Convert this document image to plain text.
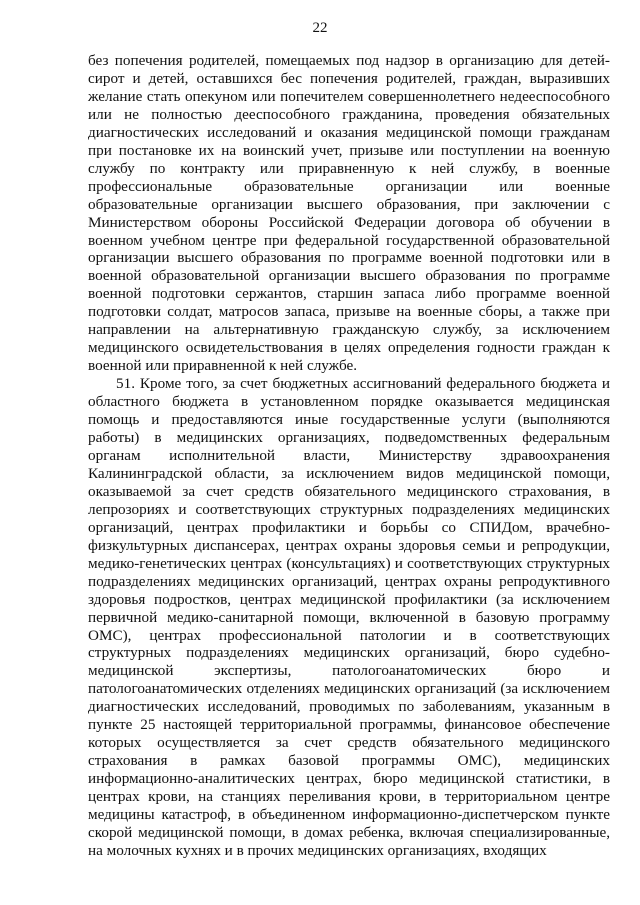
22

без попечения родителей, помещаемых под надзор в организацию для детей-сирот и детей, оставшихся бес попечения родителей, граждан, выразивших желание стать опекуном или попечителем совершеннолетнего недееспособного или не полностью дееспособного гражданина, проведения обязательных диагностических исследований и оказания медицинской помощи гражданам при постановке их на воинский учет, призыве или поступлении на военную службу по контракту или приравненную к ней службу, в военные профессиональные образовательные организации или военные образовательные организации высшего образования, при заключении с Министерством обороны Российской Федерации договора об обучении в военном учебном центре при федеральной государственной образовательной организации высшего образования по программе военной подготовки или в военной образовательной организации высшего образования по программе военной подготовки сержантов, старшин запаса либо программе военной подготовки солдат, матросов запаса, призыве на военные сборы, а также при направлении на альтернативную гражданскую службу, за исключением медицинского освидетельствования в целях определения годности граждан к военной или приравненной к ней службе.

51. Кроме того, за счет бюджетных ассигнований федерального бюджета и областного бюджета в установленном порядке оказывается медицинская помощь и предоставляются иные государственные услуги (выполняются работы) в медицинских организациях, подведомственных федеральным органам исполнительной власти, Министерству здравоохранения Калининградской области, за исключением видов медицинской помощи, оказываемой за счет средств обязательного медицинского страхования, в лепрозориях и соответствующих структурных подразделениях медицинских организаций, центрах профилактики и борьбы со СПИДом, врачебно-физкультурных диспансерах, центрах охраны здоровья семьи и репродукции, медико-генетических центрах (консультациях) и соответствующих структурных подразделениях медицинских организаций, центрах охраны репродуктивного здоровья подростков, центрах медицинской профилактики (за исключением первичной медико-санитарной помощи, включенной в базовую программу ОМС), центрах профессиональной патологии и в соответствующих структурных подразделениях медицинских организаций, бюро судебно-медицинской экспертизы, патологоанатомических бюро и патологоанатомических отделениях медицинских организаций (за исключением диагностических исследований, проводимых по заболеваниям, указанным в пункте 25 настоящей территориальной программы, финансовое обеспечение которых осуществляется за счет средств обязательного медицинского страхования в рамках базовой программы ОМС), медицинских информационно-аналитических центрах, бюро медицинской статистики, в центрах крови, на станциях переливания крови, в территориальном центре медицины катастроф, в объединенном информационно-диспетчерском пункте скорой медицинской помощи, в домах ребенка, включая специализированные, на молочных кухнях и в прочих медицинских организациях, входящих
